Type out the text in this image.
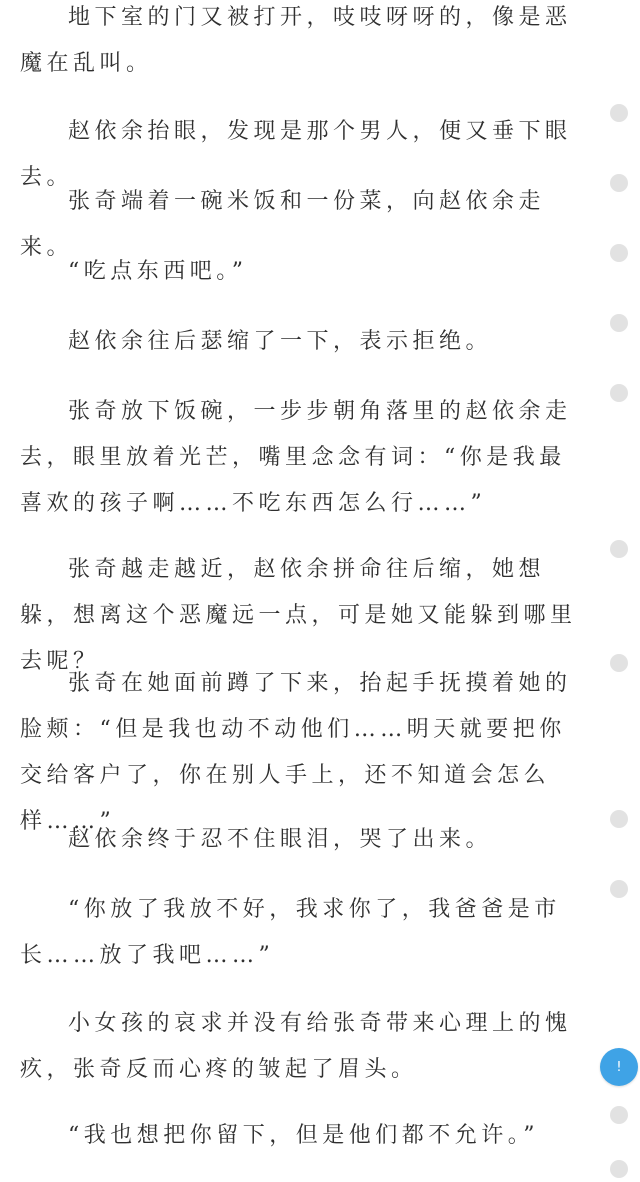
地下室的门又被打开，吱吱呀呀的，像是恶魔在乱叫。

赵依余抬眼，发现是那个男人，便又垂下眼去。

张奇端着一碗米饭和一份菜，向赵依余走来。

“吃点东西吧。”

赵依余往后瑟缩了一下，表示拒绝。

张奇放下饭碗，一步步朝角落里的赵依余走去，眼里放着光芒，嘴里念念有词：“你是我最喜欢的孩子啊……不吃东西怎么行……”

张奇越走越近，赵依余拼命往后缩，她想躲，想离这个恶魔远一点，可是她又能躲到哪里去呢？

张奇在她面前蹲了下来，抬起手抚摸着她的脸颊：“但是我也动不动他们……明天就要把你交给客户了，你在别人手上，还不知道会怎么样……”

赵依余终于忍不住眼泪，哭了出来。

“你放了我放不好，我求你了，我爸爸是市长……放了我吧……”

小女孩的哀求并没有给张奇带来心理上的愧疚，张奇反而心疼的皱起了眉头。

“我也想把你留下，但是他们都不允许。”

!
